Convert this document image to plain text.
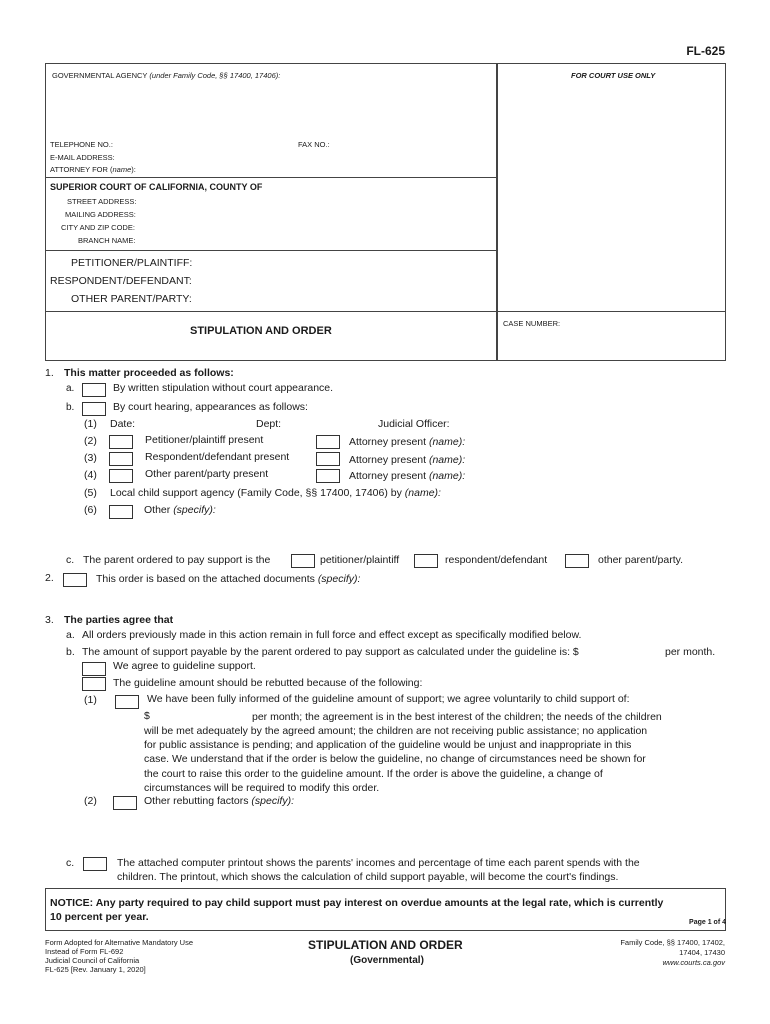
FL-625
GOVERNMENTAL AGENCY (under Family Code, §§ 17400, 17406):	FOR COURT USE ONLY
TELEPHONE NO.:	FAX NO.:
E-MAIL ADDRESS:
ATTORNEY FOR (name):
SUPERIOR COURT OF CALIFORNIA, COUNTY OF
STREET ADDRESS:
MAILING ADDRESS:
CITY AND ZIP CODE:
BRANCH NAME:
PETITIONER/PLAINTIFF:
RESPONDENT/DEFENDANT:
OTHER PARENT/PARTY:
STIPULATION AND ORDER
CASE NUMBER:
1. This matter proceeded as follows:
a.	By written stipulation without court appearance.
b.	By court hearing, appearances as follows:
(1) Date:	Dept:	Judicial Officer:
(2)	Petitioner/plaintiff present	Attorney present (name):
(3)	Respondent/defendant present	Attorney present (name):
(4)	Other parent/party present	Attorney present (name):
(5) Local child support agency (Family Code, §§ 17400, 17406) by (name):
(6)	Other (specify):
c. The parent ordered to pay support is the	petitioner/plaintiff	respondent/defendant	other parent/party.
2.	This order is based on the attached documents (specify):
3. The parties agree that
a. All orders previously made in this action remain in full force and effect except as specifically modified below.
b. The amount of support payable by the parent ordered to pay support as calculated under the guideline is: $	per month.
We agree to guideline support.
The guideline amount should be rebutted because of the following:
(1)	We have been fully informed of the guideline amount of support; we agree voluntarily to child support of:
$	per month; the agreement is in the best interest of the children; the needs of the children
will be met adequately by the agreed amount; the children are not receiving public assistance; no application
for public assistance is pending; and application of the guideline would be unjust and inappropriate in this
case. We understand that if the order is below the guideline, no change of circumstances need be shown for
the court to raise this order to the guideline amount. If the order is above the guideline, a change of
circumstances will be required to modify this order.
(2)	Other rebutting factors (specify):
c.	The attached computer printout shows the parents' incomes and percentage of time each parent spends with the
children. The printout, which shows the calculation of child support payable, will become the court's findings.
NOTICE: Any party required to pay child support must pay interest on overdue amounts at the legal rate, which is currently
10 percent per year.	Page 1 of 4
Form Adopted for Alternative Mandatory Use
Instead of Form FL-692
Judicial Council of California
FL-625 [Rev. January 1, 2020]
STIPULATION AND ORDER
(Governmental)
Family Code, §§ 17400, 17402,
17404, 17430
www.courts.ca.gov
